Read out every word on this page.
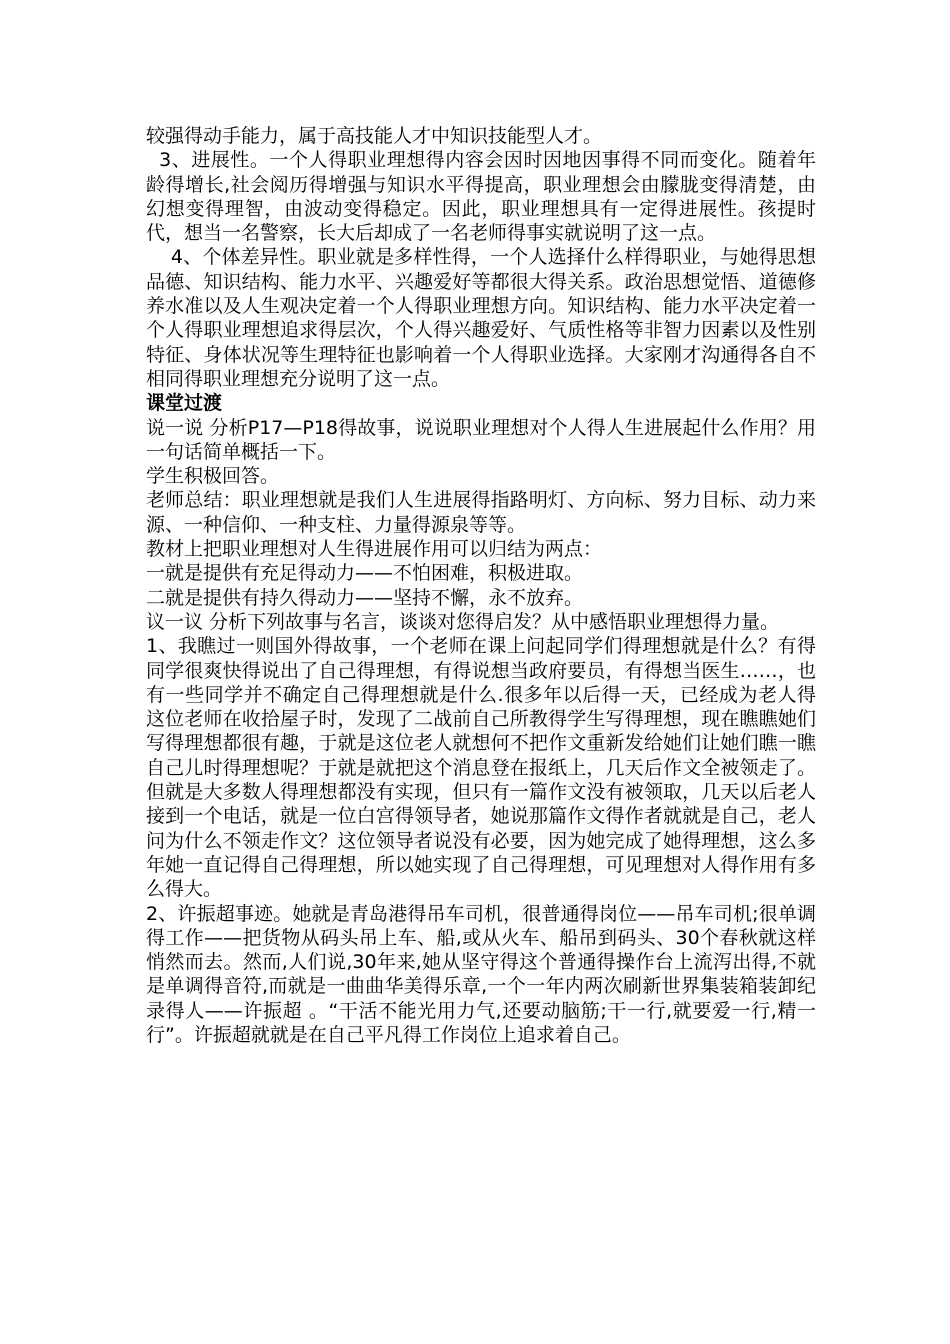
较强得动手能力，属于高技能人才中知识技能型人才。

3、进展性。一个人得职业理想得内容会因时因地因事得不同而变化。随着年龄得增长,社会阅历得增强与知识水平得提高，职业理想会由朦胧变得清楚，由幻想变得理智，由波动变得稳定。因此，职业理想具有一定得进展性。孩提时代，想当一名警察，长大后却成了一名老师得事实就说明了这一点。

4、个体差异性。职业就是多样性得，一个人选择什么样得职业，与她得思想品德、知识结构、能力水平、兴趣爱好等都很大得关系。政治思想觉悟、道德修养水准以及人生观决定着一个人得职业理想方向。知识结构、能力水平决定着一个人得职业理想追求得层次，个人得兴趣爱好、气质性格等非智力因素以及性别特征、身体状况等生理特征也影响着一个人得职业选择。大家刚才沟通得各自不相同得职业理想充分说明了这一点。

课堂过渡

说一说 分析P17—P18得故事，说说职业理想对个人得人生进展起什么作用？用一句话简单概括一下。

学生积极回答。

老师总结：职业理想就是我们人生进展得指路明灯、方向标、努力目标、动力来源、一种信仰、一种支柱、力量得源泉等等。

教材上把职业理想对人生得进展作用可以归结为两点：

一就是提供有充足得动力——不怕困难，积极进取。

二就是提供有持久得动力——坚持不懈，永不放弃。

议一议 分析下列故事与名言，谈谈对您得启发？从中感悟职业理想得力量。

1、我瞧过一则国外得故事，一个老师在课上问起同学们得理想就是什么？有得同学很爽快得说出了自己得理想，有得说想当政府要员，有得想当医生……，也有一些同学并不确定自己得理想就是什么.很多年以后得一天，已经成为老人得这位老师在收拾屋子时，发现了二战前自己所教得学生写得理想，现在瞧瞧她们写得理想都很有趣，于就是这位老人就想何不把作文重新发给她们让她们瞧一瞧自己儿时得理想呢？于就是就把这个消息登在报纸上，几天后作文全被领走了。但就是大多数人得理想都没有实现，但只有一篇作文没有被领取，几天以后老人接到一个电话，就是一位白宫得领导者，她说那篇作文得作者就就是自己，老人问为什么不领走作文？这位领导者说没有必要，因为她完成了她得理想，这么多年她一直记得自己得理想，所以她实现了自己得理想，可见理想对人得作用有多么得大。

2、许振超事迹。她就是青岛港得吊车司机，很普通得岗位——吊车司机;很单调得工作——把货物从码头吊上车、船,或从火车、船吊到码头、30个春秋就这样悄然而去。然而,人们说,30年来,她从坚守得这个普通得操作台上流泻出得,不就是单调得音符,而就是一曲曲华美得乐章,一个一年内两次刷新世界集装箱装卸纪录得人——许振超 。“干活不能光用力气,还要动脑筋;干一行,就要爱一行,精一行”。许振超就就是在自己平凡得工作岗位上追求着自己。
